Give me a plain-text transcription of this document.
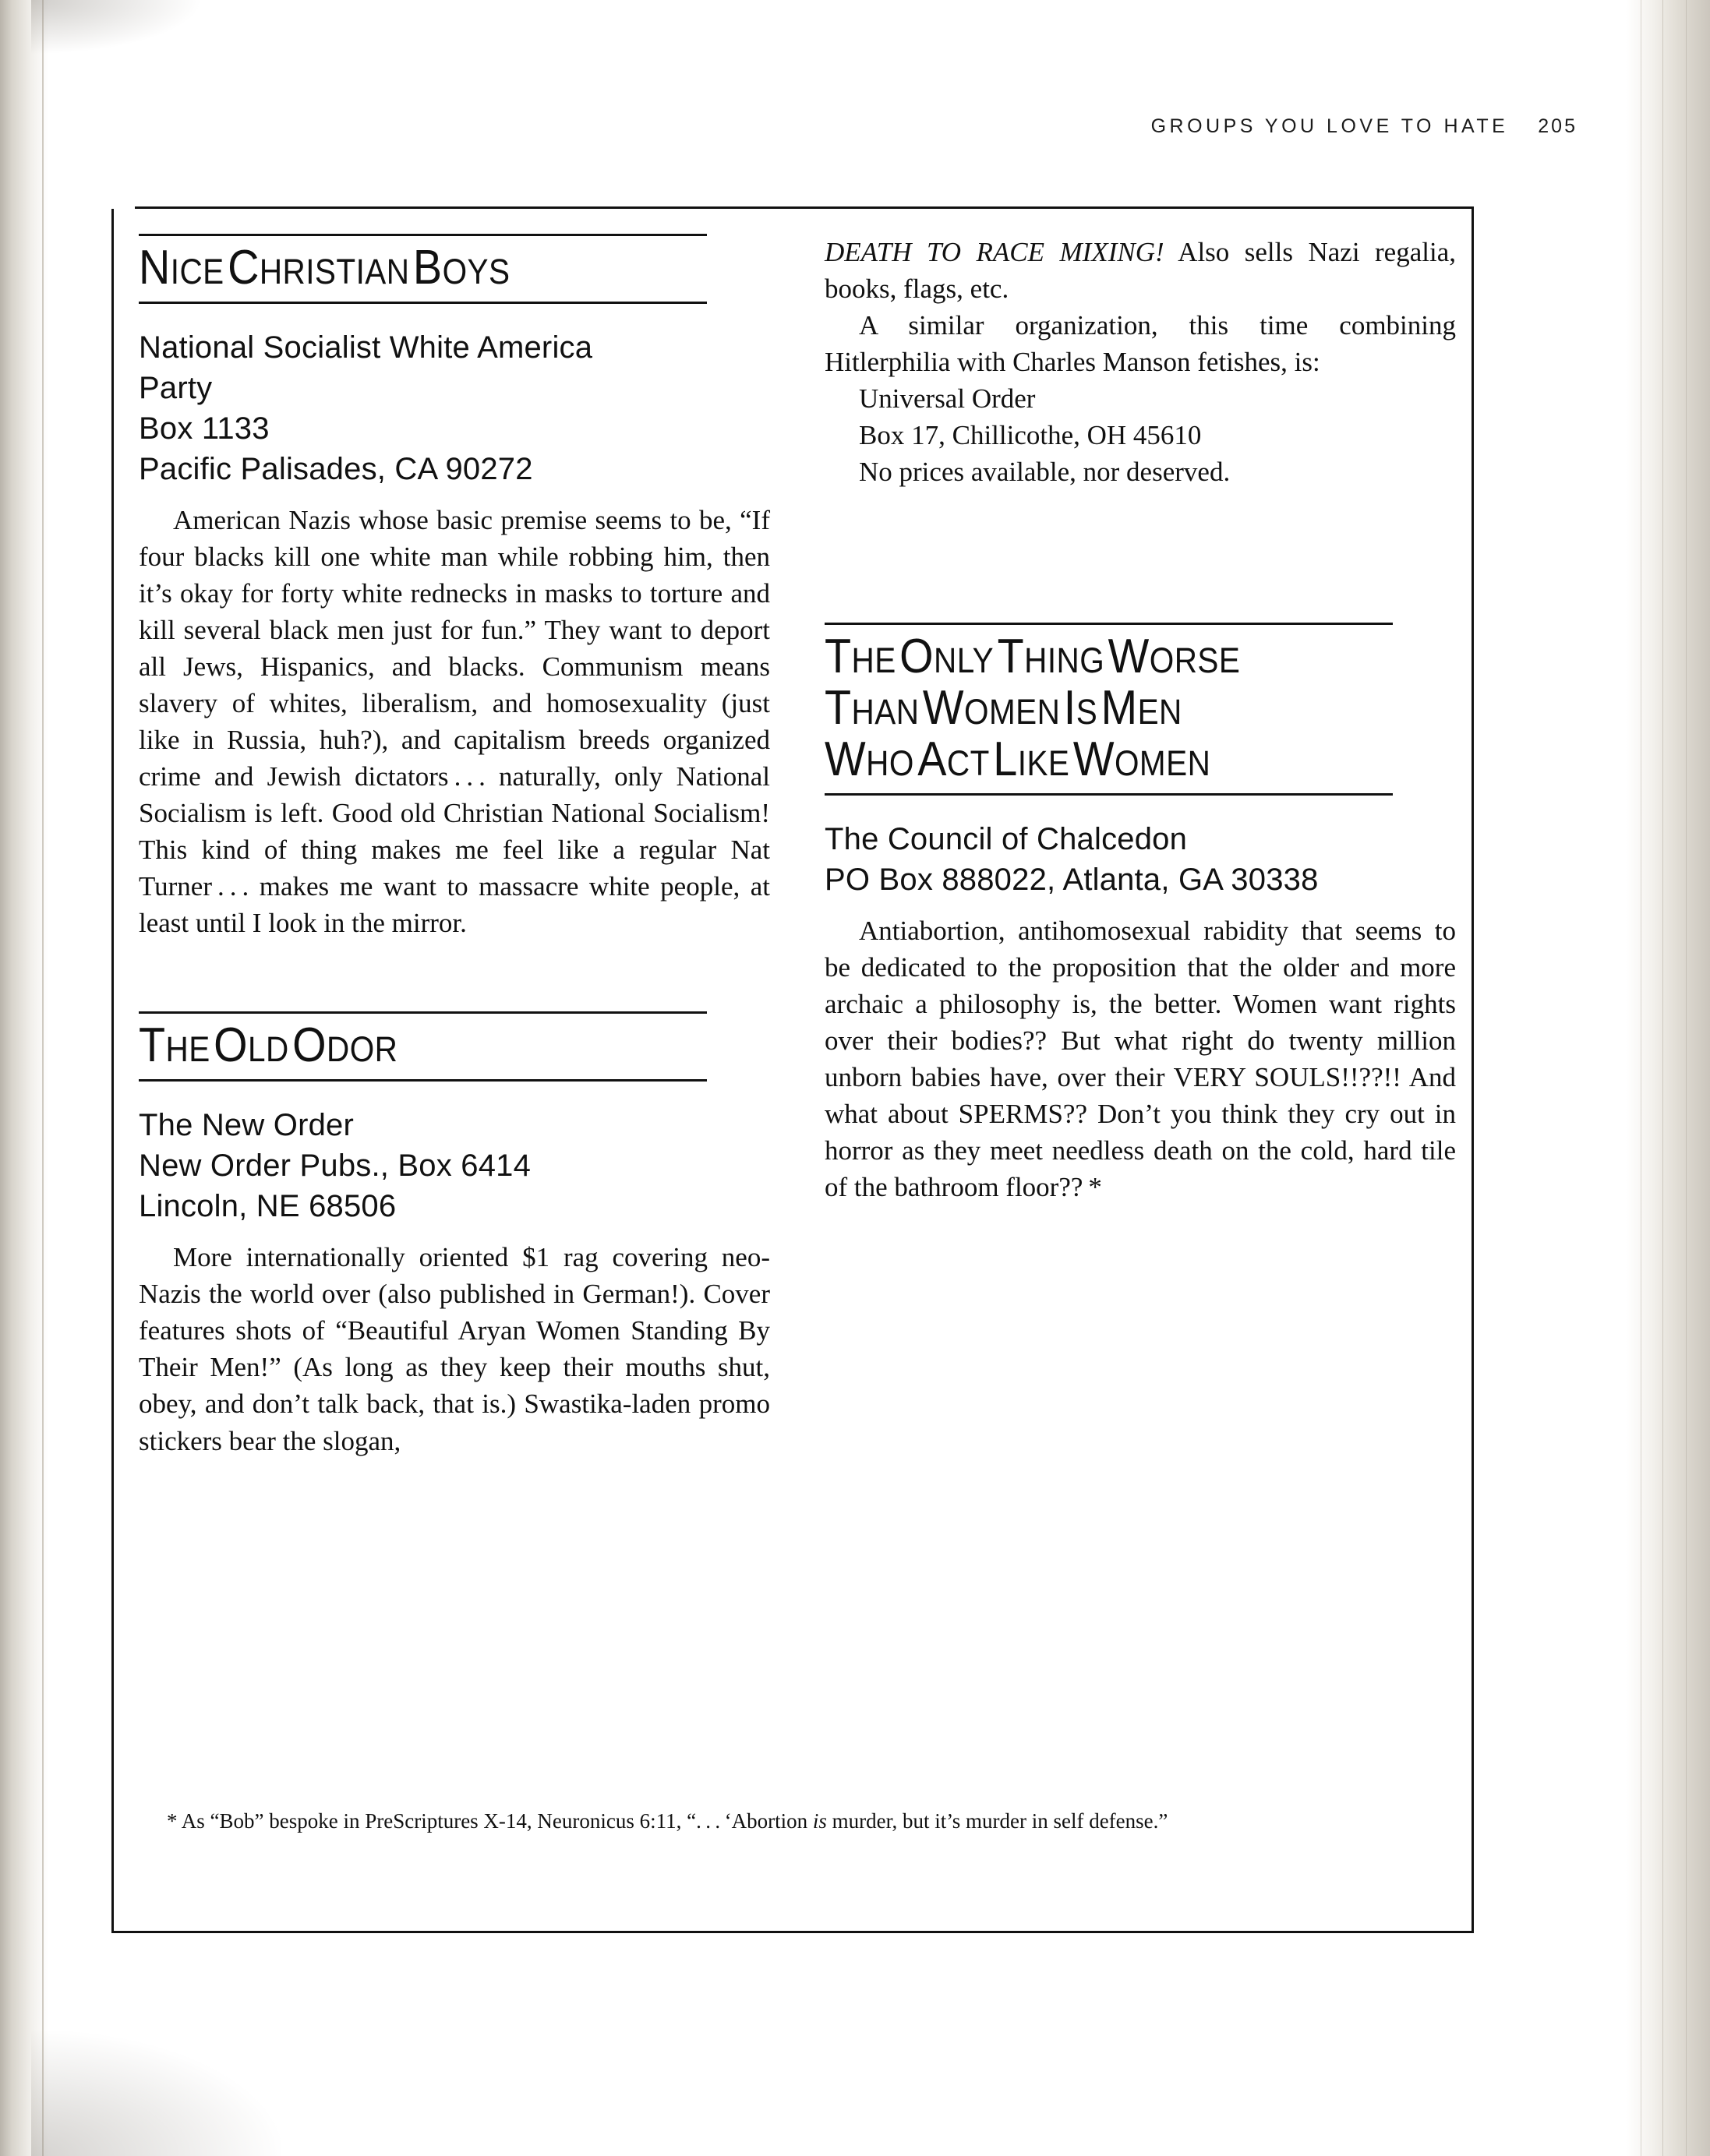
GROUPS YOU LOVE TO HATE 205
NICE CHRISTIAN BOYS
National Socialist White America
Party
Box 1133
Pacific Palisades, CA 90272

American Nazis whose basic premise seems to be, “If four blacks kill one white man while robbing him, then it’s okay for forty white rednecks in masks to torture and kill several black men just for fun.” They want to deport all Jews, Hispanics, and blacks. Communism means slavery of whites, liberalism, and homosexuality (just like in Russia, huh?), and capitalism breeds organized crime and Jewish dictators . . . naturally, only National Socialism is left. Good old Christian National Socialism! This kind of thing makes me feel like a regular Nat Turner . . . makes me want to massacre white people, at least until I look in the mirror.

THE OLD ODOR
The New Order
New Order Pubs., Box 6414
Lincoln, NE 68506

More internationally oriented $1 rag covering neo-Nazis the world over (also published in German!). Cover features shots of “Beautiful Aryan Women Standing By Their Men!” (As long as they keep their mouths shut, obey, and don’t talk back, that is.) Swastika-laden promo stickers bear the slogan,

DEATH TO RACE MIXING! Also sells Nazi regalia, books, flags, etc.

A similar organization, this time combining Hitlerphilia with Charles Manson fetishes, is:

Universal Order
Box 17, Chillicothe, OH 45610
No prices available, nor deserved.
THE ONLY THING WORSE
THAN WOMEN IS MEN
WHO ACT LIKE WOMEN
The Council of Chalcedon
PO Box 888022, Atlanta, GA 30338

Antiabortion, antihomosexual rabidity that seems to be dedicated to the proposition that the older and more archaic a philosophy is, the better. Women want rights over their bodies?? But what right do twenty million unborn babies have, over their VERY SOULS!!??!! And what about SPERMS?? Don’t you think they cry out in horror as they meet needless death on the cold, hard tile of the bathroom floor?? *

* As “Bob” bespoke in PreScriptures X-14, Neuronicus 6:11, “. . . ‘Abortion is murder, but it’s murder in self defense.”
